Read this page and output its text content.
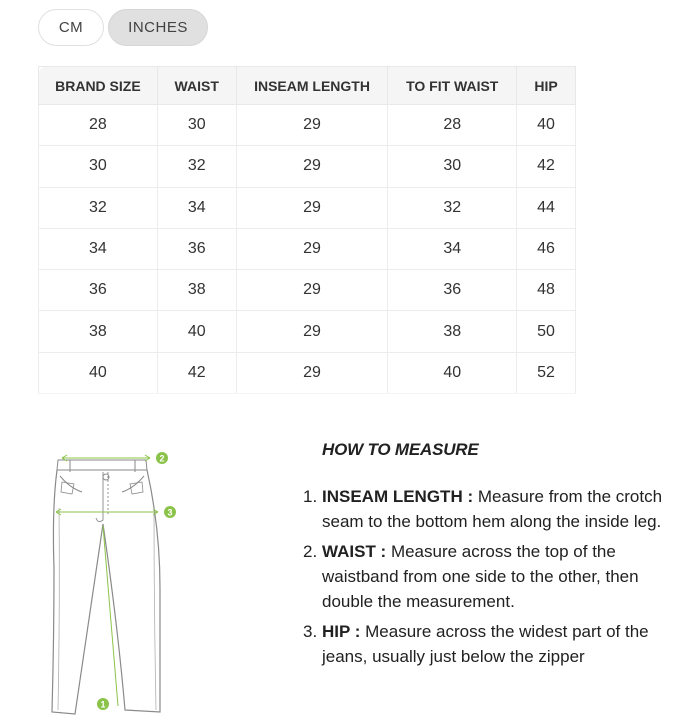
CM	INCHES
BRAND SIZE	WAIST	INSEAM LENGTH	TO FIT WAIST	HIP
28	30	29	28	40
30	32	29	30	42
32	34	29	32	44
34	36	29	34	46
36	38	29	36	48
38	40	29	38	50
40	42	29	40	52
2
3
1
HOW TO MEASURE
1. INSEAM LENGTH : Measure from the crotch seam to the bottom hem along the inside leg.
2. WAIST : Measure across the top of the waistband from one side to the other, then double the measurement.
3. HIP : Measure across the widest part of the jeans, usually just below the zipper
